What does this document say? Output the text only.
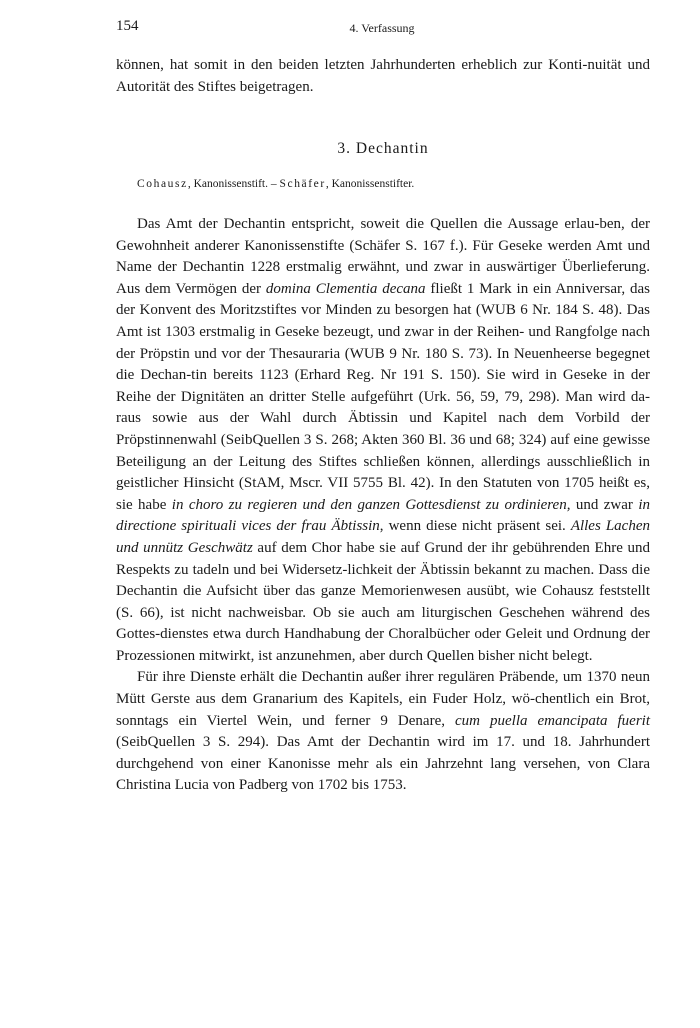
154	4. Verfassung

können, hat somit in den beiden letzten Jahrhunderten erheblich zur Konti-nuität und Autorität des Stiftes beigetragen.

3. Dechantin
Cohausz, Kanonissenstift. – Schäfer, Kanonissenstifter.

Das Amt der Dechantin entspricht, soweit die Quellen die Aussage erlau-ben, der Gewohnheit anderer Kanonissenstifte (Schäfer S. 167 f.). Für Geseke werden Amt und Name der Dechantin 1228 erstmalig erwähnt, und zwar in auswärtiger Überlieferung. Aus dem Vermögen der domina Clementia decana fließt 1 Mark in ein Anniversar, das der Konvent des Moritzstiftes vor Minden zu besorgen hat (WUB 6 Nr. 184 S. 48). Das Amt ist 1303 erstmalig in Geseke bezeugt, und zwar in der Reihen- und Rangfolge nach der Pröpstin und vor der Thesauraria (WUB 9 Nr. 180 S. 73). In Neuenheerse begegnet die Dechan-tin bereits 1123 (Erhard Reg. Nr 191 S. 150). Sie wird in Geseke in der Reihe der Dignitäten an dritter Stelle aufgeführt (Urk. 56, 59, 79, 298). Man wird da-raus sowie aus der Wahl durch Äbtissin und Kapitel nach dem Vorbild der Pröpstinnenwahl (SeibQuellen 3 S. 268; Akten 360 Bl. 36 und 68; 324) auf eine gewisse Beteiligung an der Leitung des Stiftes schließen können, allerdings ausschließlich in geistlicher Hinsicht (StAM, Mscr. VII 5755 Bl. 42). In den Statuten von 1705 heißt es, sie habe in choro zu regieren und den ganzen Gottesdienst zu ordinieren, und zwar in directione spirituali vices der frau Äbtissin, wenn diese nicht präsent sei. Alles Lachen und unnütz Geschwätz auf dem Chor habe sie auf Grund der ihr gebührenden Ehre und Respekts zu tadeln und bei Widersetz-lichkeit der Äbtissin bekannt zu machen. Dass die Dechantin die Aufsicht über das ganze Memorienwesen ausübt, wie Cohausz feststellt (S. 66), ist nicht nachweisbar. Ob sie auch am liturgischen Geschehen während des Gottes-dienstes etwa durch Handhabung der Choralbücher oder Geleit und Ordnung der Prozessionen mitwirkt, ist anzunehmen, aber durch Quellen bisher nicht belegt.

Für ihre Dienste erhält die Dechantin außer ihrer regulären Präbende, um 1370 neun Mütt Gerste aus dem Granarium des Kapitels, ein Fuder Holz, wö-chentlich ein Brot, sonntags ein Viertel Wein, und ferner 9 Denare, cum puella emancipata fuerit (SeibQuellen 3 S. 294). Das Amt der Dechantin wird im 17. und 18. Jahrhundert durchgehend von einer Kanonisse mehr als ein Jahrzehnt lang versehen, von Clara Christina Lucia von Padberg von 1702 bis 1753.
